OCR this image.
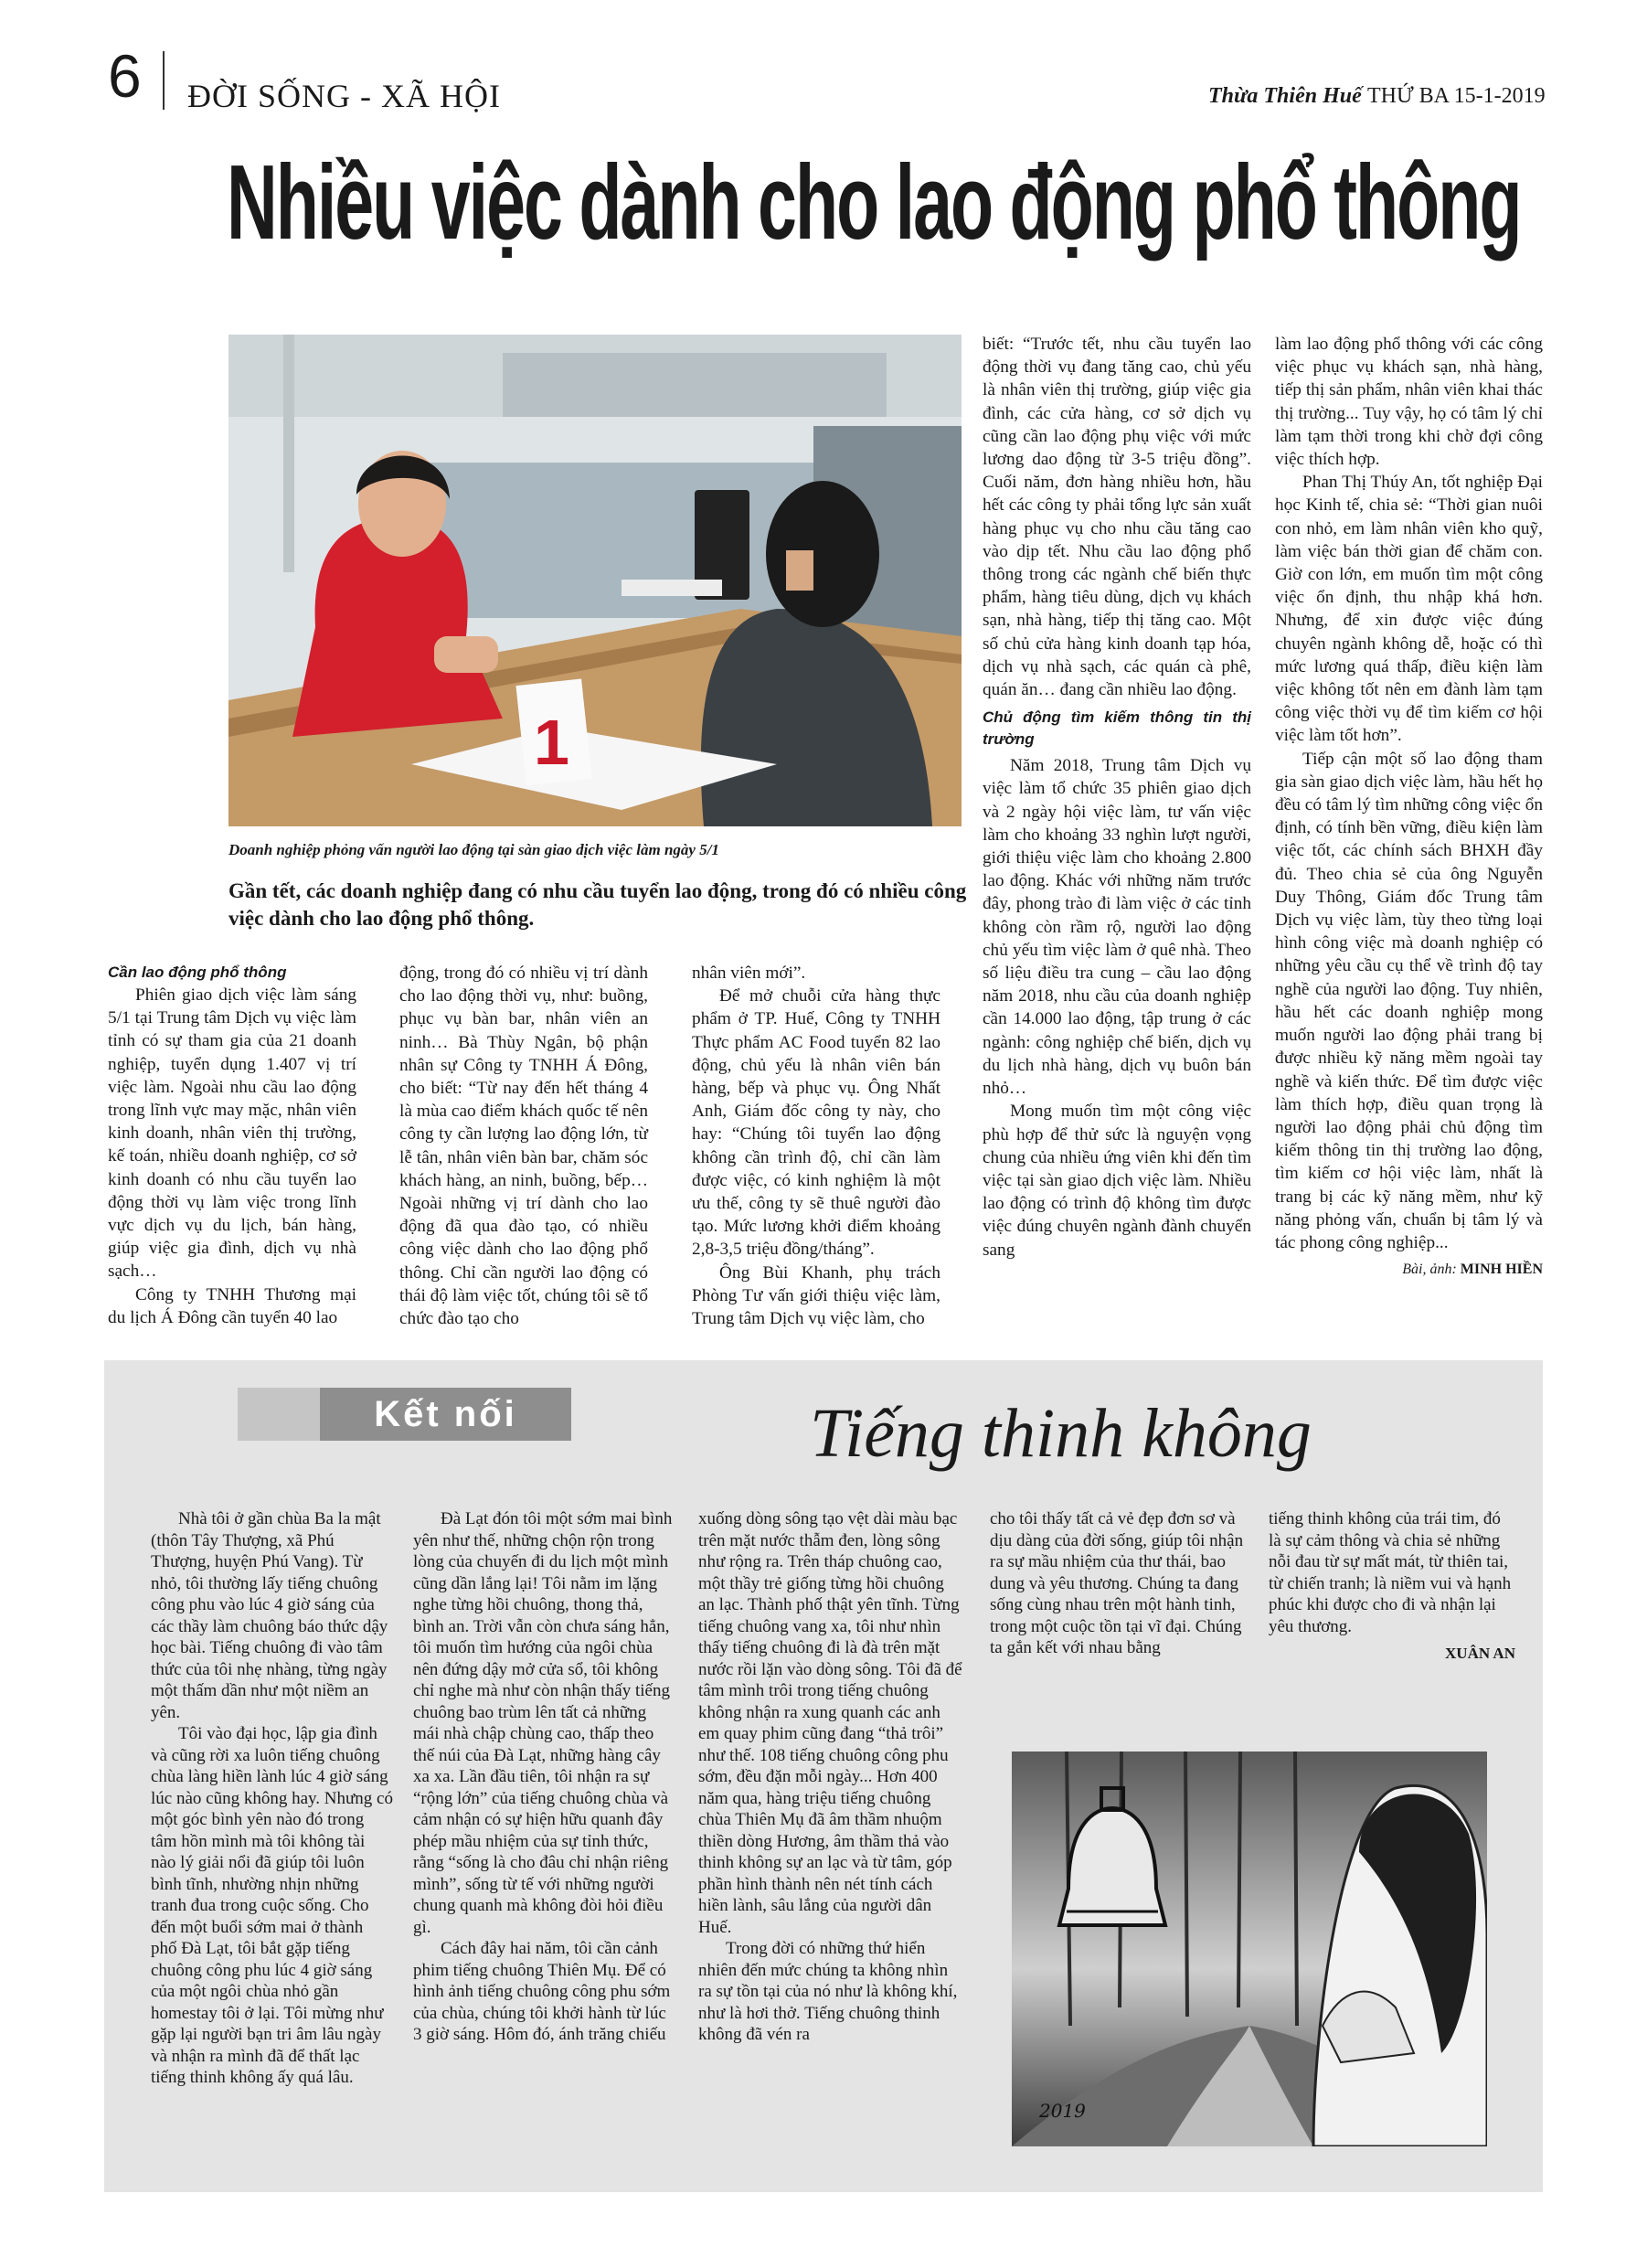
6 ĐỜI SỐNG - XÃ HỘI	Thừa Thiên Huế THỨ BA 15-1-2019
Nhiều việc dành cho lao động phổ thông
1
Doanh nghiệp phỏng vấn người lao động tại sàn giao dịch việc làm ngày 5/1
Gần tết, các doanh nghiệp đang có nhu cầu tuyển lao động, trong đó có nhiều công việc dành cho lao động phổ thông.

Cần lao động phổ thông

Phiên giao dịch việc làm sáng 5/1 tại Trung tâm Dịch vụ việc làm tỉnh có sự tham gia của 21 doanh nghiệp, tuyển dụng 1.407 vị trí việc làm. Ngoài nhu cầu lao động trong lĩnh vực may mặc, nhân viên kinh doanh, nhân viên thị trường, kế toán, nhiều doanh nghiệp, cơ sở kinh doanh có nhu cầu tuyển lao động thời vụ làm việc trong lĩnh vực dịch vụ du lịch, bán hàng, giúp việc gia đình, dịch vụ nhà sạch…

Công ty TNHH Thương mại du lịch Á Đông cần tuyển 40 lao

động, trong đó có nhiều vị trí dành cho lao động thời vụ, như: buồng, phục vụ bàn bar, nhân viên an ninh… Bà Thùy Ngân, bộ phận nhân sự Công ty TNHH Á Đông, cho biết: “Từ nay đến hết tháng 4 là mùa cao điểm khách quốc tế nên công ty cần lượng lao động lớn, từ lễ tân, nhân viên bàn bar, chăm sóc khách hàng, an ninh, buồng, bếp… Ngoài những vị trí dành cho lao động đã qua đào tạo, có nhiều công việc dành cho lao động phổ thông. Chỉ cần người lao động có thái độ làm việc tốt, chúng tôi sẽ tổ chức đào tạo cho

nhân viên mới”.

Để mở chuỗi cửa hàng thực phẩm ở TP. Huế, Công ty TNHH Thực phẩm AC Food tuyển 82 lao động, chủ yếu là nhân viên bán hàng, bếp và phục vụ. Ông Nhất Anh, Giám đốc công ty này, cho hay: “Chúng tôi tuyển lao động không cần trình độ, chỉ cần làm được việc, có kinh nghiệm là một ưu thế, công ty sẽ thuê người đào tạo. Mức lương khởi điểm khoảng 2,8-3,5 triệu đồng/tháng”.

Ông Bùi Khanh, phụ trách Phòng Tư vấn giới thiệu việc làm, Trung tâm Dịch vụ việc làm, cho

biết: “Trước tết, nhu cầu tuyển lao động thời vụ đang tăng cao, chủ yếu là nhân viên thị trường, giúp việc gia đình, các cửa hàng, cơ sở dịch vụ cũng cần lao động phụ việc với mức lương dao động từ 3-5 triệu đồng”. Cuối năm, đơn hàng nhiều hơn, hầu hết các công ty phải tổng lực sản xuất hàng phục vụ cho nhu cầu tăng cao vào dịp tết. Nhu cầu lao động phổ thông trong các ngành chế biến thực phẩm, hàng tiêu dùng, dịch vụ khách sạn, nhà hàng, tiếp thị tăng cao. Một số chủ cửa hàng kinh doanh tạp hóa, dịch vụ nhà sạch, các quán cà phê, quán ăn… đang cần nhiều lao động.

Chủ động tìm kiếm thông tin thị trường

Năm 2018, Trung tâm Dịch vụ việc làm tổ chức 35 phiên giao dịch và 2 ngày hội việc làm, tư vấn việc làm cho khoảng 33 nghìn lượt người, giới thiệu việc làm cho khoảng 2.800 lao động. Khác với những năm trước đây, phong trào đi làm việc ở các tỉnh không còn rầm rộ, người lao động chủ yếu tìm việc làm ở quê nhà. Theo số liệu điều tra cung – cầu lao động năm 2018, nhu cầu của doanh nghiệp cần 14.000 lao động, tập trung ở các ngành: công nghiệp chế biến, dịch vụ du lịch nhà hàng, dịch vụ buôn bán nhỏ…

Mong muốn tìm một công việc phù hợp để thử sức là nguyện vọng chung của nhiều ứng viên khi đến tìm việc tại sàn giao dịch việc làm. Nhiều lao động có trình độ không tìm được việc đúng chuyên ngành đành chuyển sang

làm lao động phổ thông với các công việc phục vụ khách sạn, nhà hàng, tiếp thị sản phẩm, nhân viên khai thác thị trường... Tuy vậy, họ có tâm lý chỉ làm tạm thời trong khi chờ đợi công việc thích hợp.

Phan Thị Thúy An, tốt nghiệp Đại học Kinh tế, chia sẻ: “Thời gian nuôi con nhỏ, em làm nhân viên kho quỹ, làm việc bán thời gian để chăm con. Giờ con lớn, em muốn tìm một công việc ổn định, thu nhập khá hơn. Nhưng, để xin được việc đúng chuyên ngành không dễ, hoặc có thì mức lương quá thấp, điều kiện làm việc không tốt nên em đành làm tạm công việc thời vụ để tìm kiếm cơ hội việc làm tốt hơn”.

Tiếp cận một số lao động tham gia sàn giao dịch việc làm, hầu hết họ đều có tâm lý tìm những công việc ổn định, có tính bền vững, điều kiện làm việc tốt, các chính sách BHXH đầy đủ. Theo chia sẻ của ông Nguyễn Duy Thông, Giám đốc Trung tâm Dịch vụ việc làm, tùy theo từng loại hình công việc mà doanh nghiệp có những yêu cầu cụ thể về trình độ tay nghề của người lao động. Tuy nhiên, hầu hết các doanh nghiệp mong muốn người lao động phải trang bị được nhiều kỹ năng mềm ngoài tay nghề và kiến thức. Để tìm được việc làm thích hợp, điều quan trọng là người lao động phải chủ động tìm kiếm thông tin thị trường lao động, tìm kiếm cơ hội việc làm, nhất là trang bị các kỹ năng mềm, như kỹ năng phỏng vấn, chuẩn bị tâm lý và tác phong công nghiệp...

Bài, ảnh: MINH HIỀN
Kết nối	Tiếng thinh không

Nhà tôi ở gần chùa Ba la mật (thôn Tây Thượng, xã Phú Thượng, huyện Phú Vang). Từ nhỏ, tôi thường lấy tiếng chuông công phu vào lúc 4 giờ sáng của các thầy làm chuông báo thức dậy học bài. Tiếng chuông đi vào tâm thức của tôi nhẹ nhàng, từng ngày một thấm dần như một niềm an yên.

Tôi vào đại học, lập gia đình và cũng rời xa luôn tiếng chuông chùa làng hiền lành lúc 4 giờ sáng lúc nào cũng không hay. Nhưng có một góc bình yên nào đó trong tâm hồn mình mà tôi không tài nào lý giải nổi đã giúp tôi luôn bình tĩnh, nhường nhịn những tranh đua trong cuộc sống. Cho đến một buổi sớm mai ở thành phố Đà Lạt, tôi bắt gặp tiếng chuông công phu lúc 4 giờ sáng của một ngôi chùa nhỏ gần homestay tôi ở lại. Tôi mừng như gặp lại người bạn tri âm lâu ngày và nhận ra mình đã để thất lạc tiếng thinh không ấy quá lâu.

Đà Lạt đón tôi một sớm mai bình yên như thế, những chộn rộn trong lòng của chuyến đi du lịch một mình cũng dần lắng lại! Tôi nằm im lặng nghe từng hồi chuông, thong thả, bình an. Trời vẫn còn chưa sáng hẳn, tôi muốn tìm hướng của ngôi chùa nên đứng dậy mở cửa sổ, tôi không chỉ nghe mà như còn nhận thấy tiếng chuông bao trùm lên tất cả những mái nhà chập chùng cao, thấp theo thế núi của Đà Lạt, những hàng cây xa xa. Lần đầu tiên, tôi nhận ra sự “rộng lớn” của tiếng chuông chùa và cảm nhận có sự hiện hữu quanh đây phép mầu nhiệm của sự tỉnh thức, rằng “sống là cho đâu chỉ nhận riêng mình”, sống từ tế với những người chung quanh mà không đòi hỏi điều gì.

Cách đây hai năm, tôi cần cảnh phim tiếng chuông Thiên Mụ. Để có hình ảnh tiếng chuông công phu sớm của chùa, chúng tôi khởi hành từ lúc 3 giờ sáng. Hôm đó, ánh trăng chiếu

xuống dòng sông tạo vệt dài màu bạc trên mặt nước thẫm đen, lòng sông như rộng ra. Trên tháp chuông cao, một thầy trẻ giống từng hồi chuông an lạc. Thành phố thật yên tĩnh. Từng tiếng chuông vang xa, tôi như nhìn thấy tiếng chuông đi là đà trên mặt nước rồi lặn vào dòng sông. Tôi đã để tâm mình trôi trong tiếng chuông không nhận ra xung quanh các anh em quay phim cũng đang “thả trôi” như thế. 108 tiếng chuông công phu sớm, đều đặn mỗi ngày... Hơn 400 năm qua, hàng triệu tiếng chuông chùa Thiên Mụ đã âm thầm nhuộm thiền dòng Hương, âm thầm thả vào thinh không sự an lạc và từ tâm, góp phần hình thành nên nét tính cách hiền lành, sâu lắng của người dân Huế.

Trong đời có những thứ hiển nhiên đến mức chúng ta không nhìn ra sự tồn tại của nó như là không khí, như là hơi thở. Tiếng chuông thinh không đã vén ra

cho tôi thấy tất cả vẻ đẹp đơn sơ và dịu dàng của đời sống, giúp tôi nhận ra sự mầu nhiệm của thư thái, bao dung và yêu thương. Chúng ta đang sống cùng nhau trên một hành tinh, trong một cuộc tồn tại vĩ đại. Chúng ta gắn kết với nhau bằng

tiếng thinh không của trái tim, đó là sự cảm thông và chia sẻ những nỗi đau từ sự mất mát, từ thiên tai, từ chiến tranh; là niềm vui và hạnh phúc khi được cho đi và nhận lại yêu thương.

XUÂN AN
2019
